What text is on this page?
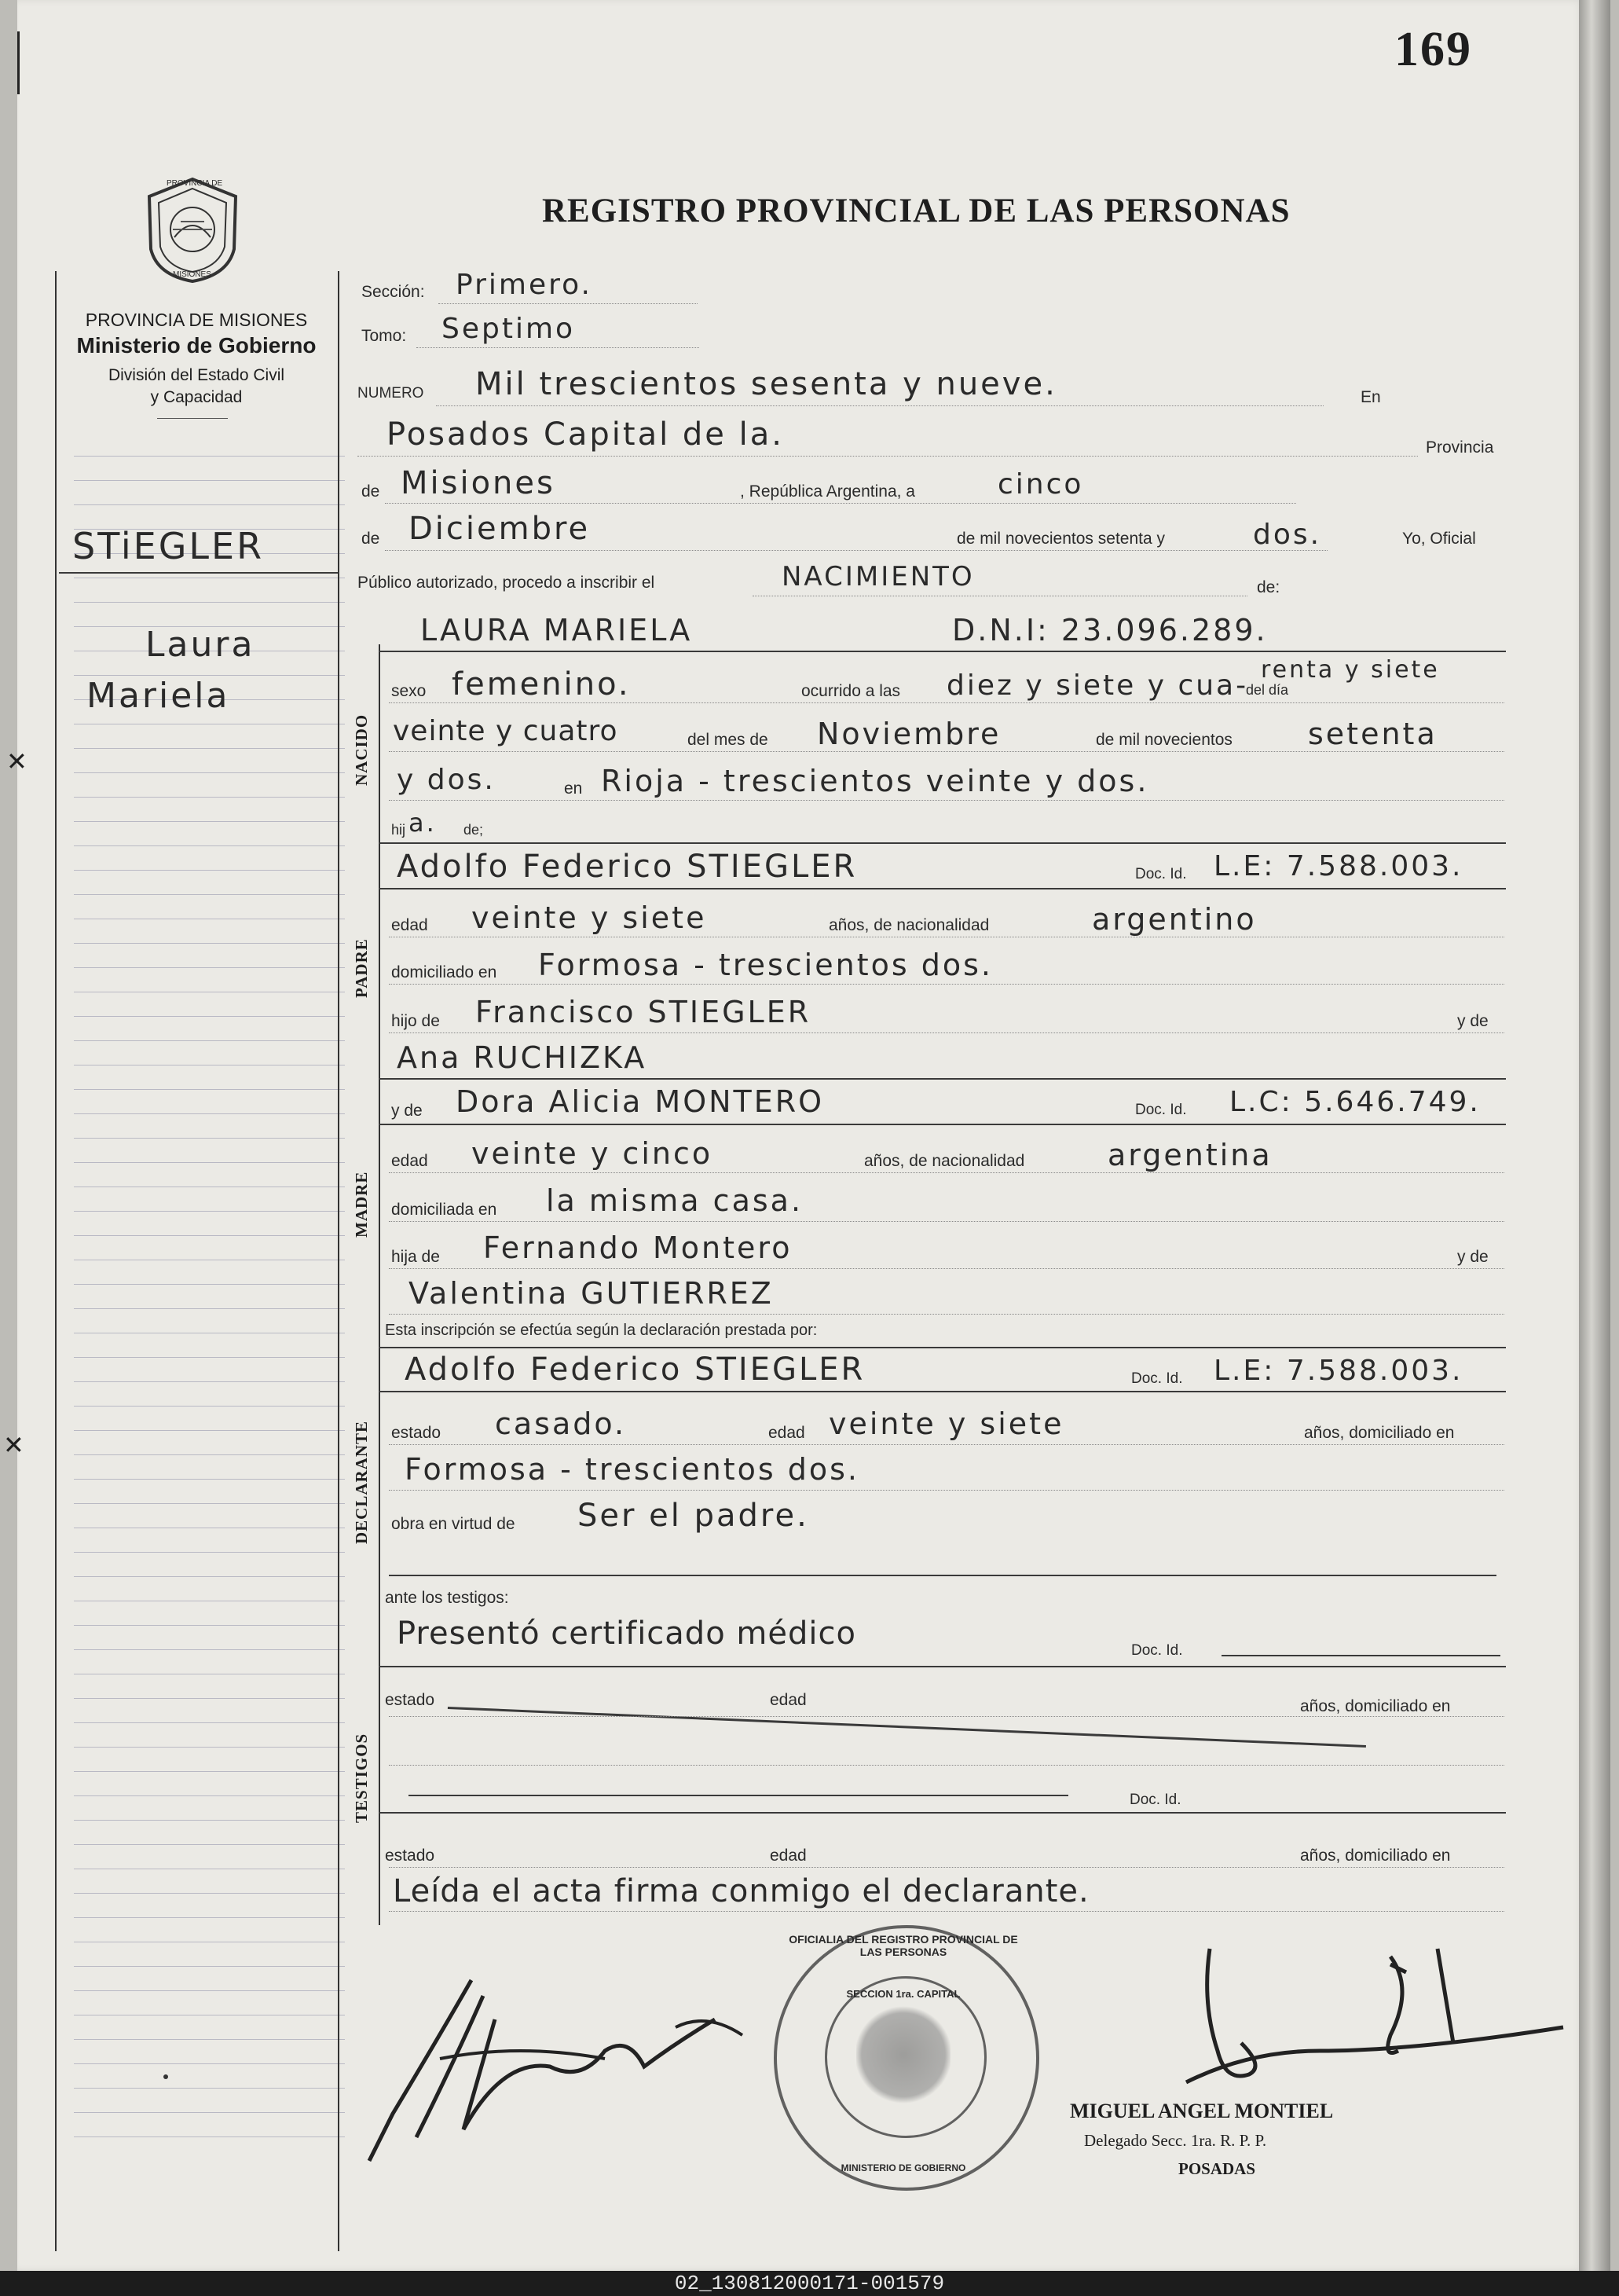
✕
✕
169
PROVINCIA DE
MISIONES
PROVINCIA DE MISIONES
Ministerio de Gobierno
División del Estado Civil
y Capacidad
REGISTRO PROVINCIAL DE LAS PERSONAS
STiEGLER
Laura
Mariela
Sección: Primero.
Tomo: Septimo
NUMERO Mil trescientos sesenta y nueve.	En
Posados Capital de la.	Provincia
de Misiones	, República Argentina, a	cinco
de Diciembre	de mil novecientos setenta y	dos.	Yo, Oficial
Público autorizado, procedo a inscribir el	NACIMIENTO	de:
LAURA MARIELA	D.N.I: 23.096.289.
NACIDO
sexo femenino.	ocurrido a las diez y siete y cua-
del día
renta y siete
veinte y cuatro	del mes de Noviembre	de mil novecientos	setenta
y dos.	en Rioja - trescientos veinte y dos.
hij a. de;
Adolfo Federico STIEGLER	Doc. Id. L.E: 7.588.003.
PADRE
edad veinte y siete	años, de nacionalidad	argentino
domiciliado en Formosa - trescientos dos.
hijo de Francisco STIEGLER	y de
Ana RUCHIZKA
y de Dora Alicia MONTERO	Doc. Id. L.C: 5.646.749.
MADRE
edad veinte y cinco	años, de nacionalidad	argentina
domiciliada en la misma casa.
hija de Fernando Montero	y de
Valentina GUTIERREZ
Esta inscripción se efectúa según la declaración prestada por:
Adolfo Federico STIEGLER	Doc. Id. L.E: 7.588.003.
DECLARANTE estado casado.	edad veinte y siete	años, domiciliado en
Formosa - trescientos dos.
obra en virtud de Ser el padre.
ante los testigos:
Presentó certificado médico	Doc. Id.
TESTIGOS
estado	edad	años, domiciliado en
Doc. Id.
estado	edad	años, domiciliado en
Leída el acta firma conmigo el declarante.
OFICIALIA DEL REGISTRO PROVINCIAL DE LAS PERSONAS
SECCION 1ra. CAPITAL
MINISTERIO DE GOBIERNO
MIGUEL ANGEL MONTIEL
Delegado Secc. 1ra. R. P. P.
POSADAS
02_130812000171-001579
